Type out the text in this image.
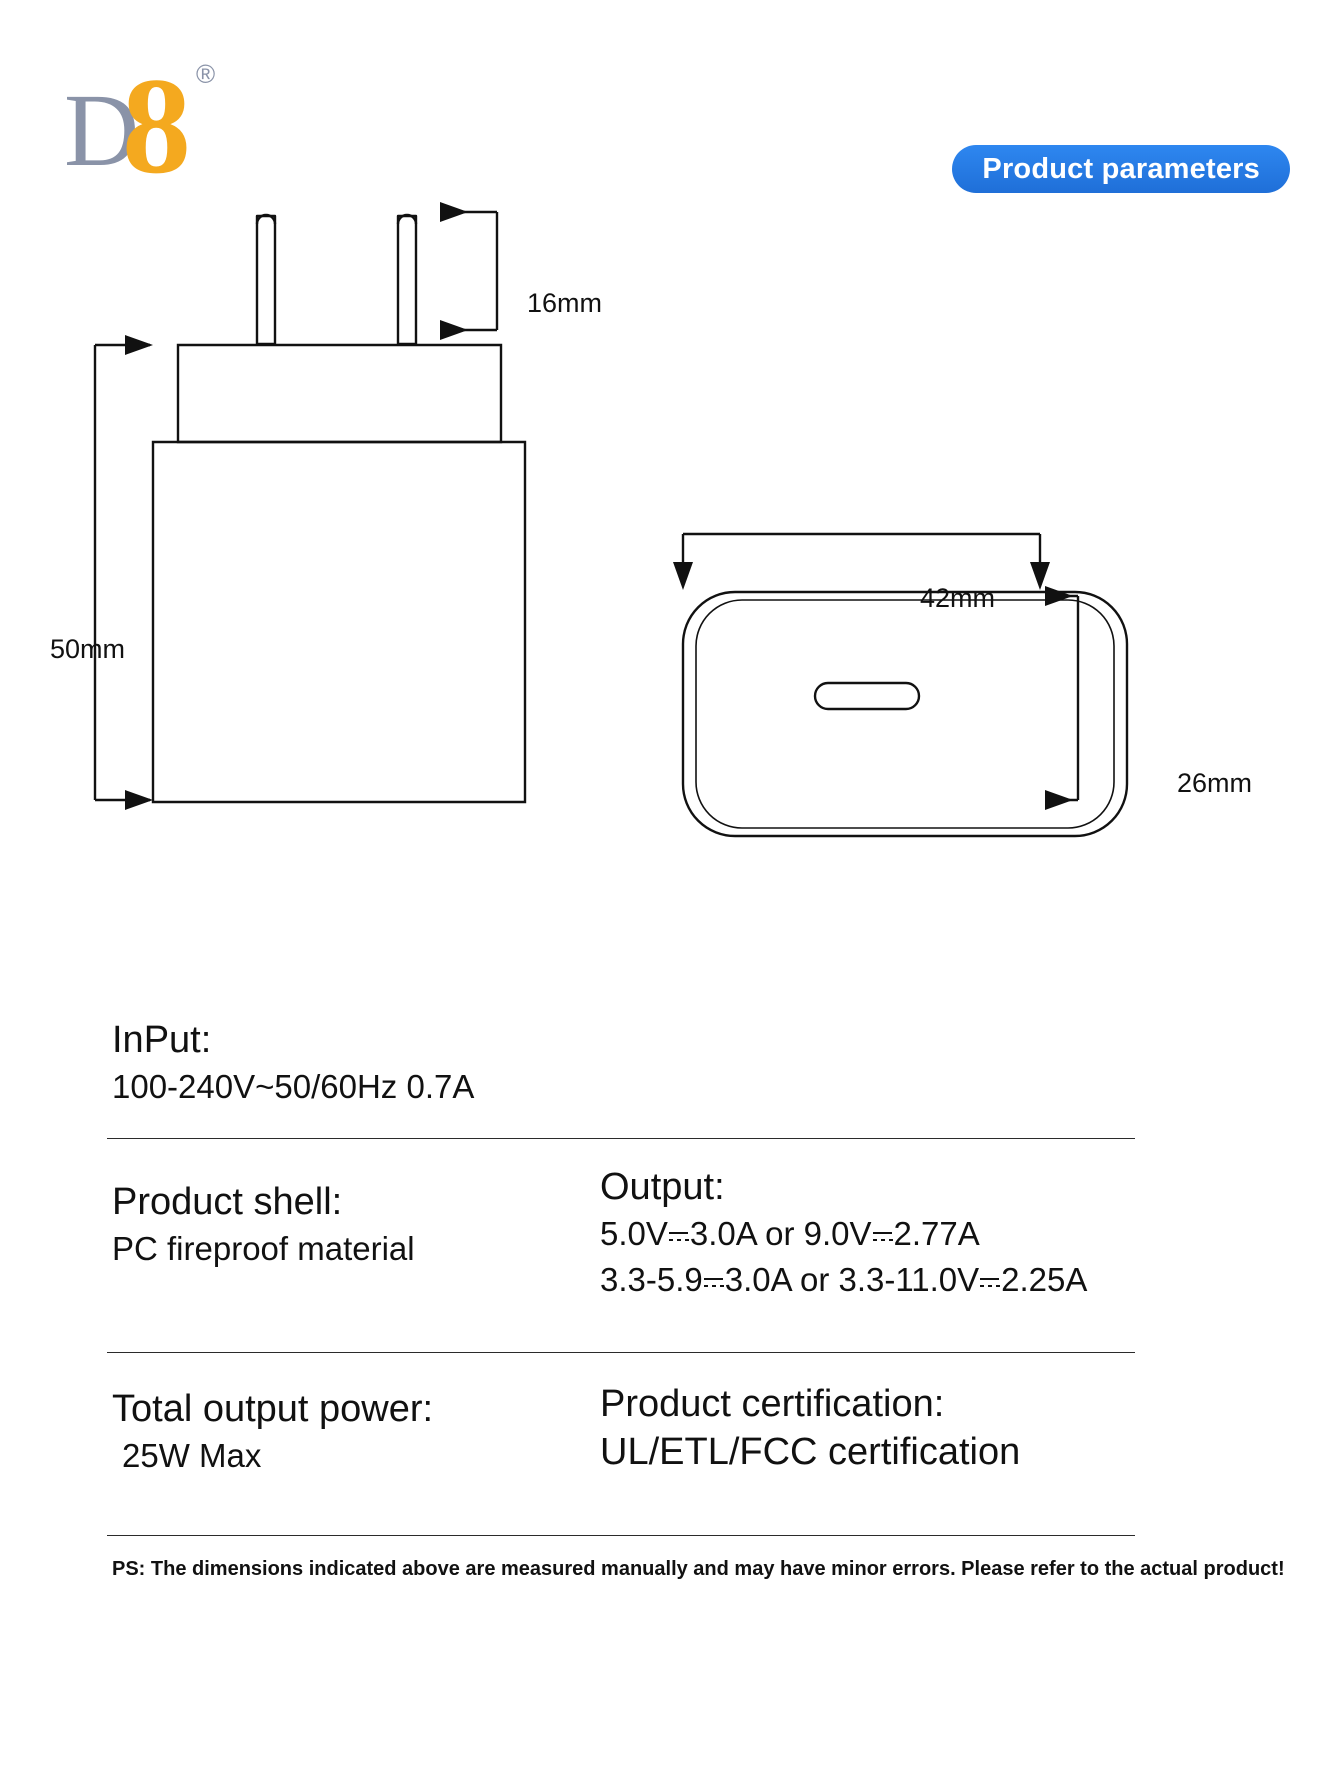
D
8 ®
Product parameters
16mm
50mm
42mm
26mm
InPut:
100-240V~50/60Hz 0.7A
Product shell:
PC fireproof material
Output:
5.0V 3.0A or 9.0V 2.77A
3.3-5.9 3.0A or 3.3-11.0V 2.25A
Total output power:
25W Max
Product certification:
UL/ETL/FCC certification
PS: The dimensions indicated above are measured manually and may have minor errors. Please refer to the actual product!
